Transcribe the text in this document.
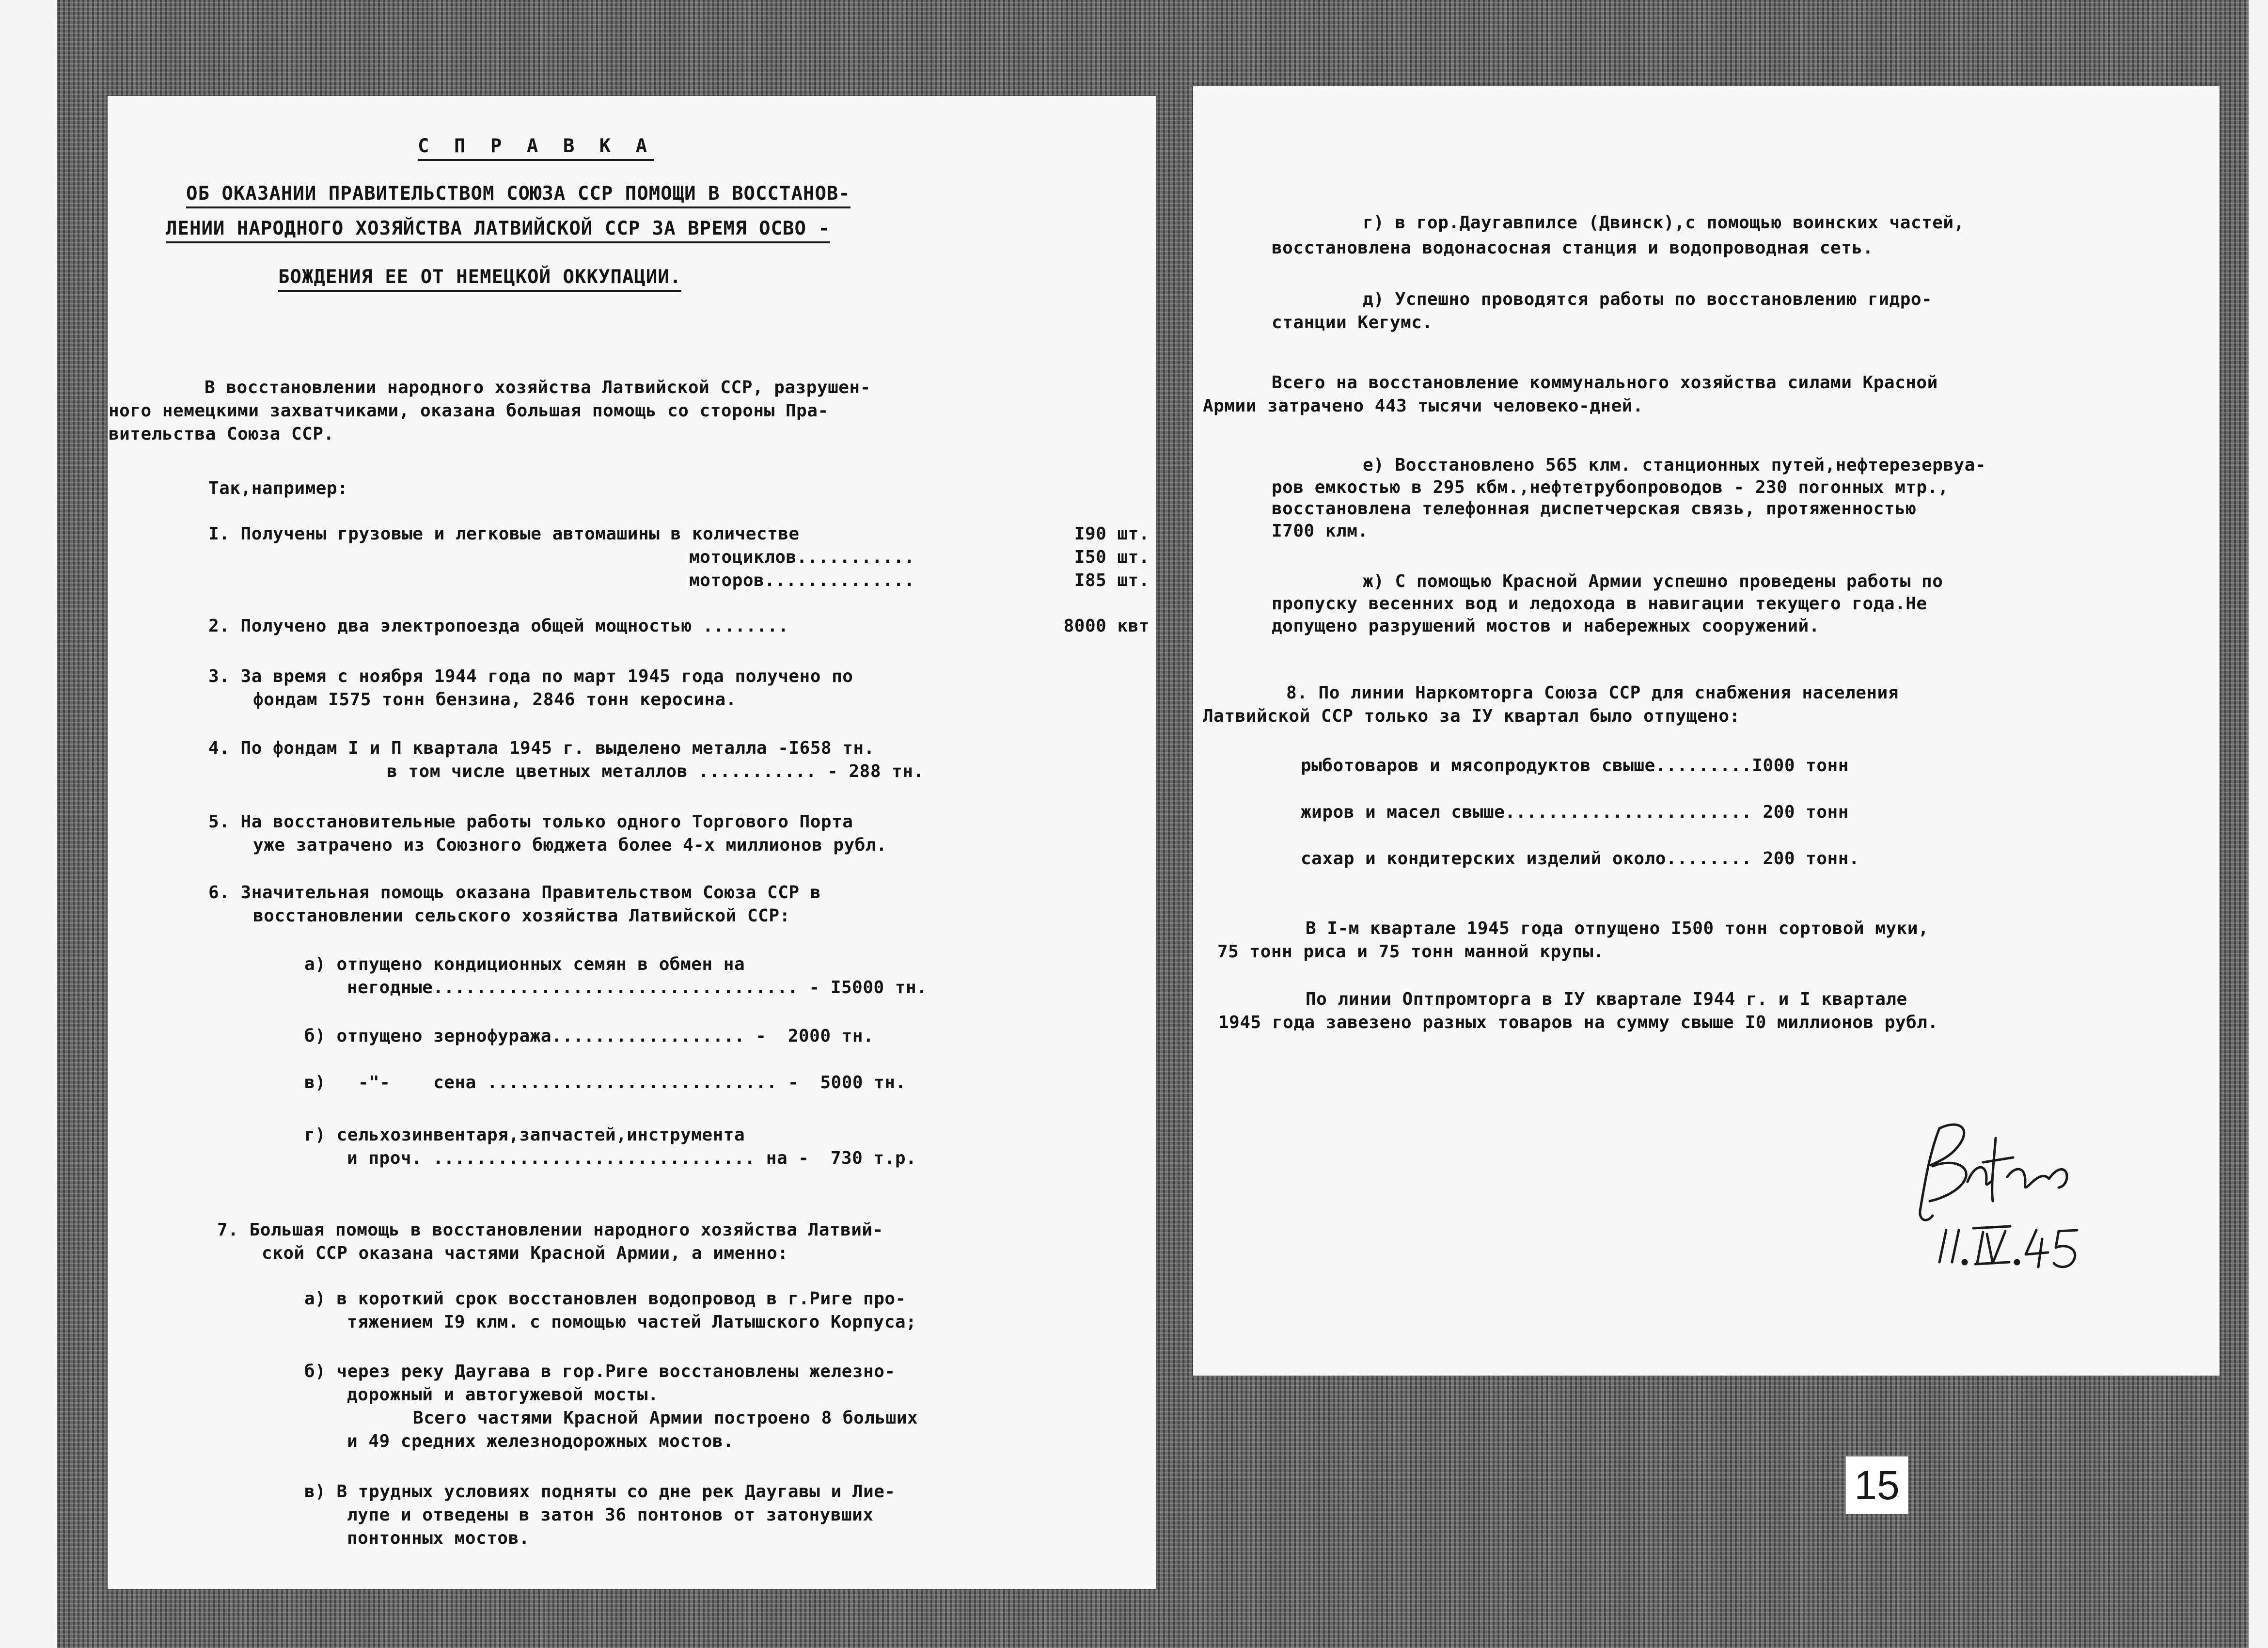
С П Р А В К А
ОБ ОКАЗАНИИ ПРАВИТЕЛЬСТВОМ СОЮЗА ССР ПОМОЩИ В ВОССТАНОВ-
ЛЕНИИ НАРОДНОГО ХОЗЯЙСТВА ЛАТВИЙСКОЙ ССР ЗА ВРЕМЯ ОСВО -
БОЖДЕНИЯ ЕЕ ОТ НЕМЕЦКОЙ ОККУПАЦИИ.
В восстановлении народного хозяйства Латвийской ССР, разрушен-
ного немецкими захватчиками, оказана большая помощь со стороны Пра-
вительства Союза ССР.
Так,например:
I. Получены грузовые и легковые автомашины в количестве	I90 шт.
мотоциклов...........	I50 шт.
моторов..............	I85 шт.
2. Получено два электропоезда общей мощностью ........	8000 квт
3. За время с ноября 1944 года по март 1945 года получено по
фондам I575 тонн бензина, 2846 тонн керосина.
4. По фондам I и П квартала 1945 г. выделено металла -I658 тн.
в том числе цветных металлов ........... - 288 тн.
5. На восстановительные работы только одного Торгового Порта
уже затрачено из Союзного бюджета более 4-х миллионов рубл.
6. Значительная помощь оказана Правительством Союза ССР в
восстановлении сельского хозяйства Латвийской ССР:
а) отпущено кондиционных семян в обмен на
негодные.................................. - I5000 тн.
б) отпущено зернофуража.................. -  2000 тн.
в)   -"-    сена ........................... -  5000 тн.
г) сельхозинвентаря,запчастей,инструмента
и проч. .............................. на -  730 т.р.
7. Большая помощь в восстановлении народного хозяйства Латвий-
ской ССР оказана частями Красной Армии, а именно:
а) в короткий срок восстановлен водопровод в г.Риге про-
тяжением I9 клм. с помощью частей Латышского Корпуса;
б) через реку Даугава в гор.Риге восстановлены железно-
дорожный и автогужевой мосты.
Всего частями Красной Армии построено 8 больших
и 49 средних железнодорожных мостов.
в) В трудных условиях подняты со дне рек Даугавы и Лие-
лупе и отведены в затон 36 понтонов от затонувших
понтонных мостов.
г) в гор.Даугавпилсе (Двинск),с помощью воинских частей,
восстановлена водонасосная станция и водопроводная сеть.
д) Успешно проводятся работы по восстановлению гидро-
станции Кегумс.
Всего на восстановление коммунального хозяйства силами Красной
Армии затрачено 443 тысячи человеко-дней.
е) Восстановлено 565 клм. станционных путей,нефтерезервуа-
ров емкостью в 295 кбм.,нефтетрубопроводов - 230 погонных мтр.,
восстановлена телефонная диспетчерская связь, протяженностью
I700 клм.
ж) С помощью Красной Армии успешно проведены работы по
пропуску весенних вод и ледохода в навигации текущего года.Не
допущено разрушений мостов и набережных сооружений.
8. По линии Наркомторга Союза ССР для снабжения населения
Латвийской ССР только за IУ квартал было отпущено:
рыботоваров и мясопродуктов свыше.........I000 тонн
жиров и масел свыше....................... 200 тонн
сахар и кондитерских изделий около........ 200 тонн.
В I-м квартале 1945 года отпущено I500 тонн сортовой муки,
75 тонн риса и 75 тонн манной крупы.
По линии Оптпромторга в IУ квартале I944 г. и I квартале
1945 года завезено разных товаров на сумму свыше I0 миллионов рубл.
15
